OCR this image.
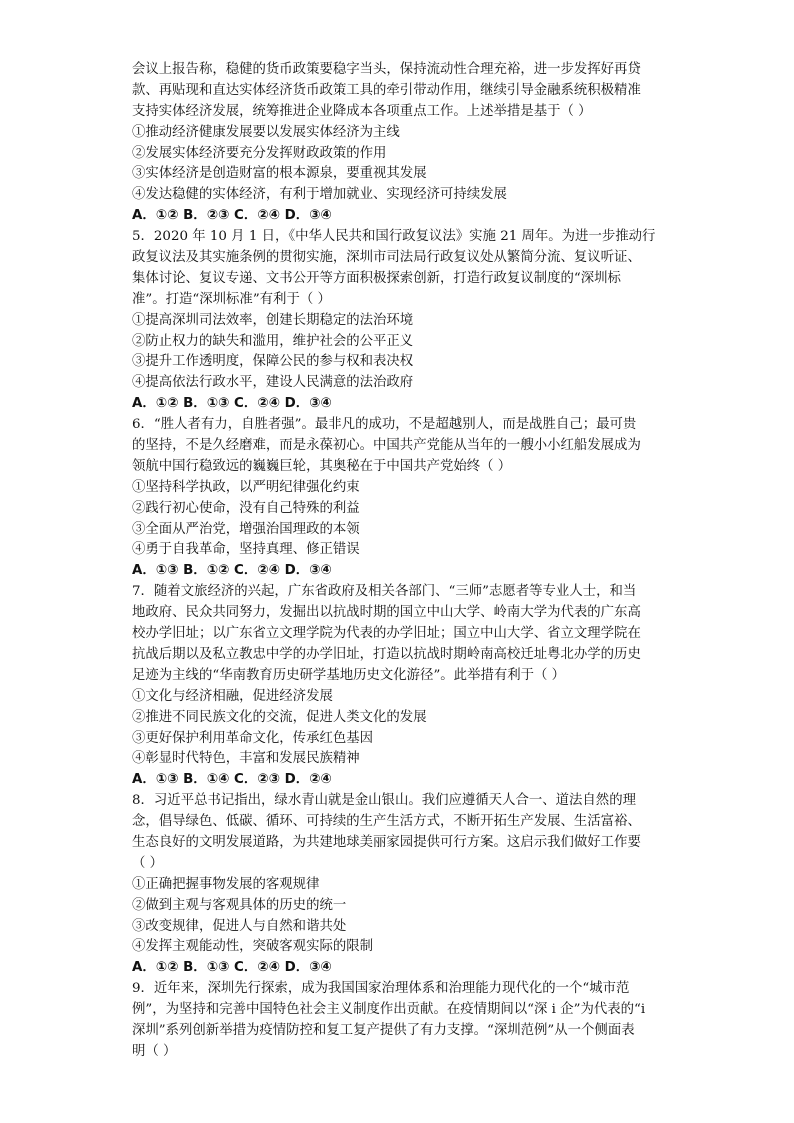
会议上报告称，稳健的货币政策要稳字当头，保持流动性合理充裕，进一步发挥好再贷
款、再贴现和直达实体经济货币政策工具的牵引带动作用，继续引导金融系统积极精准
支持实体经济发展，统筹推进企业降成本各项重点工作。上述举措是基于（ ）
①推动经济健康发展要以发展实体经济为主线
②发展实体经济要充分发挥财政政策的作用
③实体经济是创造财富的根本源泉，要重视其发展
④发达稳健的实体经济，有利于增加就业、实现经济可持续发展
A．①② B．②③ C．②④ D．③④
5．2020 年 10 月 1 日，《中华人民共和国行政复议法》实施 21 周年。为进一步推动行
政复议法及其实施条例的贯彻实施，深圳市司法局行政复议处从繁简分流、复议听证、
集体讨论、复议专递、文书公开等方面积极探索创新，打造行政复议制度的“深圳标
准”。打造“深圳标准”有利于（ ）
①提高深圳司法效率，创建长期稳定的法治环境
②防止权力的缺失和滥用，维护社会的公平正义
③提升工作透明度，保障公民的参与权和表决权
④提高依法行政水平，建设人民满意的法治政府
A．①② B．①③ C．②④ D．③④
6．“胜人者有力，自胜者强”。最非凡的成功，不是超越别人，而是战胜自己；最可贵
的坚持，不是久经磨难，而是永葆初心。中国共产党能从当年的一艘小小红船发展成为
领航中国行稳致远的巍巍巨轮，其奥秘在于中国共产党始终（ ）
①坚持科学执政，以严明纪律强化约束
②践行初心使命，没有自己特殊的利益
③全面从严治党，增强治国理政的本领
④勇于自我革命，坚持真理、修正错误
A．①③ B．①② C．②④ D．③④
7．随着文旅经济的兴起，广东省政府及相关各部门、“三师”志愿者等专业人士，和当
地政府、民众共同努力，发掘出以抗战时期的国立中山大学、岭南大学为代表的广东高
校办学旧址；以广东省立文理学院为代表的办学旧址；国立中山大学、省立文理学院在
抗战后期以及私立教忠中学的办学旧址，打造以抗战时期岭南高校迁址粤北办学的历史
足迹为主线的“华南教育历史研学基地历史文化游径”。此举措有利于（ ）
①文化与经济相融，促进经济发展
②推进不同民族文化的交流，促进人类文化的发展
③更好保护利用革命文化，传承红色基因
④彰显时代特色，丰富和发展民族精神
A．①③ B．①④ C．②③ D．②④
8．习近平总书记指出，绿水青山就是金山银山。我们应遵循天人合一、道法自然的理
念，倡导绿色、低碳、循环、可持续的生产生活方式，不断开拓生产发展、生活富裕、
生态良好的文明发展道路，为共建地球美丽家园提供可行方案。这启示我们做好工作要
（ ）
①正确把握事物发展的客观规律
②做到主观与客观具体的历史的统一
③改变规律，促进人与自然和谐共处
④发挥主观能动性，突破客观实际的限制
A．①② B．①③ C．②④ D．③④
9．近年来，深圳先行探索，成为我国国家治理体系和治理能力现代化的一个“城市范
例”，为坚持和完善中国特色社会主义制度作出贡献。在疫情期间以“深 i 企”为代表的“i
深圳”系列创新举措为疫情防控和复工复产提供了有力支撑。“深圳范例”从一个侧面表
明（ ）
